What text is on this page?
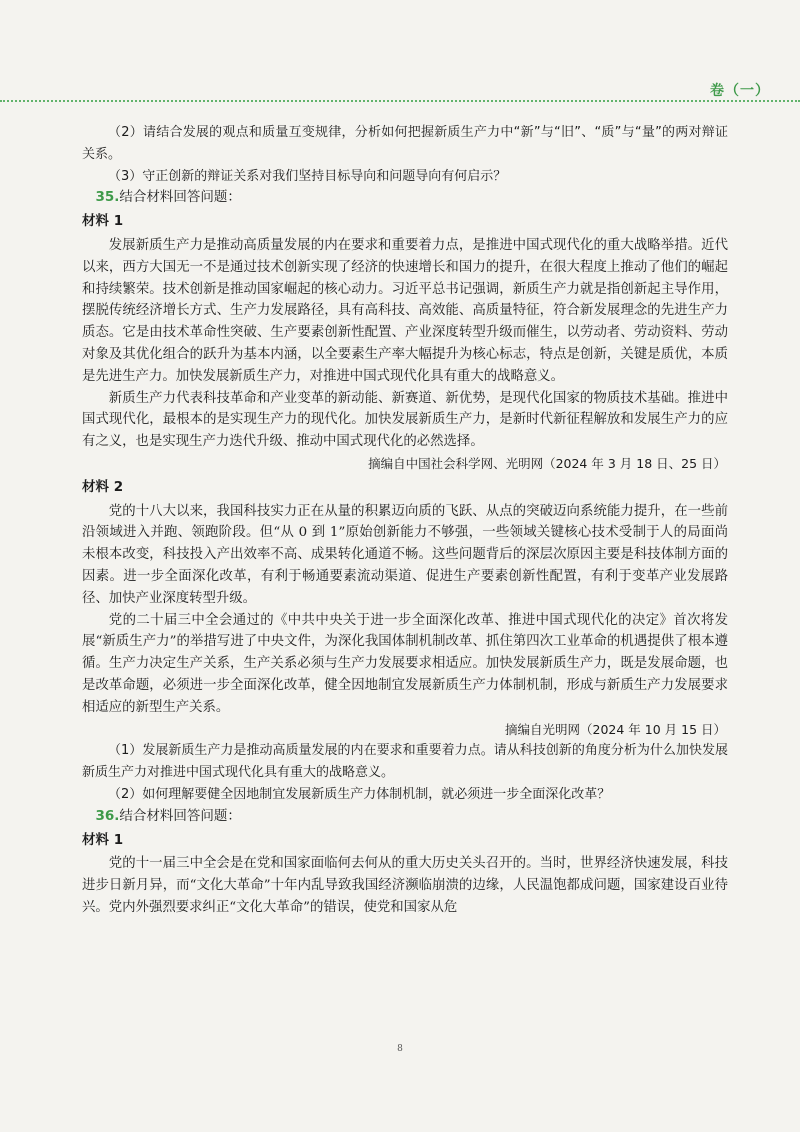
卷（一）

（2）请结合发展的观点和质量互变规律，分析如何把握新质生产力中“新”与“旧”、“质”与“量”的两对辩证关系。

（3）守正创新的辩证关系对我们坚持目标导向和问题导向有何启示？

35.结合材料回答问题：

材料 1

发展新质生产力是推动高质量发展的内在要求和重要着力点，是推进中国式现代化的重大战略举措。近代以来，西方大国无一不是通过技术创新实现了经济的快速增长和国力的提升，在很大程度上推动了他们的崛起和持续繁荣。技术创新是推动国家崛起的核心动力。习近平总书记强调，新质生产力就是指创新起主导作用，摆脱传统经济增长方式、生产力发展路径，具有高科技、高效能、高质量特征，符合新发展理念的先进生产力质态。它是由技术革命性突破、生产要素创新性配置、产业深度转型升级而催生，以劳动者、劳动资料、劳动对象及其优化组合的跃升为基本内涵，以全要素生产率大幅提升为核心标志，特点是创新，关键是质优，本质是先进生产力。加快发展新质生产力，对推进中国式现代化具有重大的战略意义。

新质生产力代表科技革命和产业变革的新动能、新赛道、新优势，是现代化国家的物质技术基础。推进中国式现代化，最根本的是实现生产力的现代化。加快发展新质生产力，是新时代新征程解放和发展生产力的应有之义，也是实现生产力迭代升级、推动中国式现代化的必然选择。

摘编自中国社会科学网、光明网（2024 年 3 月 18 日、25 日）

材料 2

党的十八大以来，我国科技实力正在从量的积累迈向质的飞跃、从点的突破迈向系统能力提升，在一些前沿领域进入并跑、领跑阶段。但“从 0 到 1”原始创新能力不够强，一些领域关键核心技术受制于人的局面尚未根本改变，科技投入产出效率不高、成果转化通道不畅。这些问题背后的深层次原因主要是科技体制方面的因素。进一步全面深化改革，有利于畅通要素流动渠道、促进生产要素创新性配置，有利于变革产业发展路径、加快产业深度转型升级。

党的二十届三中全会通过的《中共中央关于进一步全面深化改革、推进中国式现代化的决定》首次将发展“新质生产力”的举措写进了中央文件，为深化我国体制机制改革、抓住第四次工业革命的机遇提供了根本遵循。生产力决定生产关系，生产关系必须与生产力发展要求相适应。加快发展新质生产力，既是发展命题，也是改革命题，必须进一步全面深化改革，健全因地制宜发展新质生产力体制机制，形成与新质生产力发展要求相适应的新型生产关系。

摘编自光明网（2024 年 10 月 15 日）

（1）发展新质生产力是推动高质量发展的内在要求和重要着力点。请从科技创新的角度分析为什么加快发展新质生产力对推进中国式现代化具有重大的战略意义。

（2）如何理解要健全因地制宜发展新质生产力体制机制，就必须进一步全面深化改革？

36.结合材料回答问题：

材料 1

党的十一届三中全会是在党和国家面临何去何从的重大历史关头召开的。当时，世界经济快速发展，科技进步日新月异，而“文化大革命”十年内乱导致我国经济濒临崩溃的边缘，人民温饱都成问题，国家建设百业待兴。党内外强烈要求纠正“文化大革命”的错误，使党和国家从危

8
